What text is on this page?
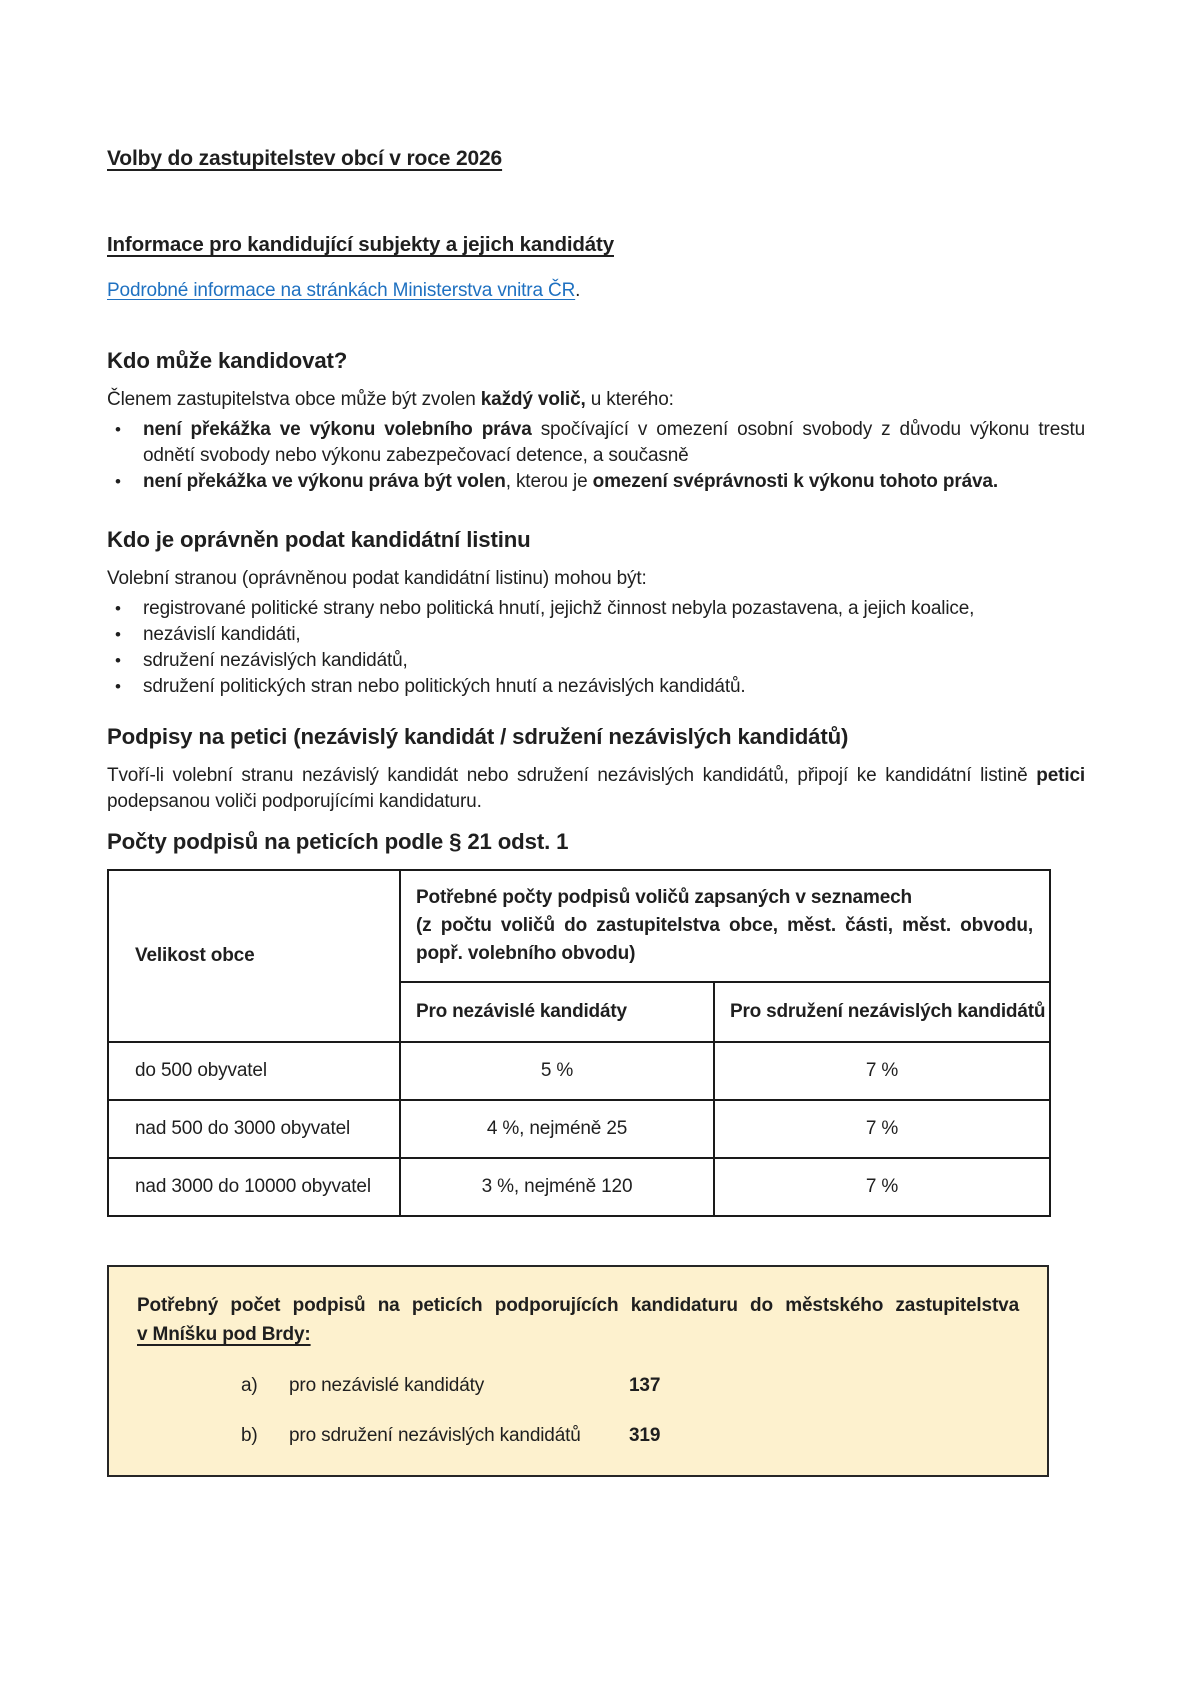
Volby do zastupitelstev obcí v roce 2026
Informace pro kandidující subjekty a jejich kandidáty

Podrobné informace na stránkách Ministerstva vnitra ČR.

Kdo může kandidovat?

Členem zastupitelstva obce může být zvolen každý volič, u kterého:

•	není překážka ve výkonu volebního práva spočívající v omezení osobní svobody z důvodu výkonu trestu odnětí svobody nebo výkonu zabezpečovací detence, a současně
•	není překážka ve výkonu práva být volen, kterou je omezení svéprávnosti k výkonu tohoto práva.
Kdo je oprávněn podat kandidátní listinu

Volební stranou (oprávněnou podat kandidátní listinu) mohou být:

•	registrované politické strany nebo politická hnutí, jejichž činnost nebyla pozastavena, a jejich koalice,
•	nezávislí kandidáti,
•	sdružení nezávislých kandidátů,
•	sdružení politických stran nebo politických hnutí a nezávislých kandidátů.
Podpisy na petici (nezávislý kandidát / sdružení nezávislých kandidátů)

Tvoří-li volební stranu nezávislý kandidát nebo sdružení nezávislých kandidátů, připojí ke kandidátní listině petici podepsanou voliči podporujícími kandidaturu.

Počty podpisů na peticích podle § 21 odst. 1
Velikost obce	Potřebné počty podpisů voličů zapsaných v seznamech
(z počtu voličů do zastupitelstva obce, měst. části, měst. obvodu, popř. volebního obvodu)	

	Pro nezávislé kandidáty	Pro sdružení nezávislých kandidátů
do 500 obyvatel	5 %	7 %
nad 500 do 3000 obyvatel	4 %, nejméně 25	7 %
nad 3000 do 10000 obyvatel	3 %, nejméně 120	7 %

Potřebný počet podpisů na peticích podporujících kandidaturu do městského zastupitelstva
v Mníšku pod Brdy:

a)	pro nezávislé kandidáty	137
b)	pro sdružení nezávislých kandidátů	319
